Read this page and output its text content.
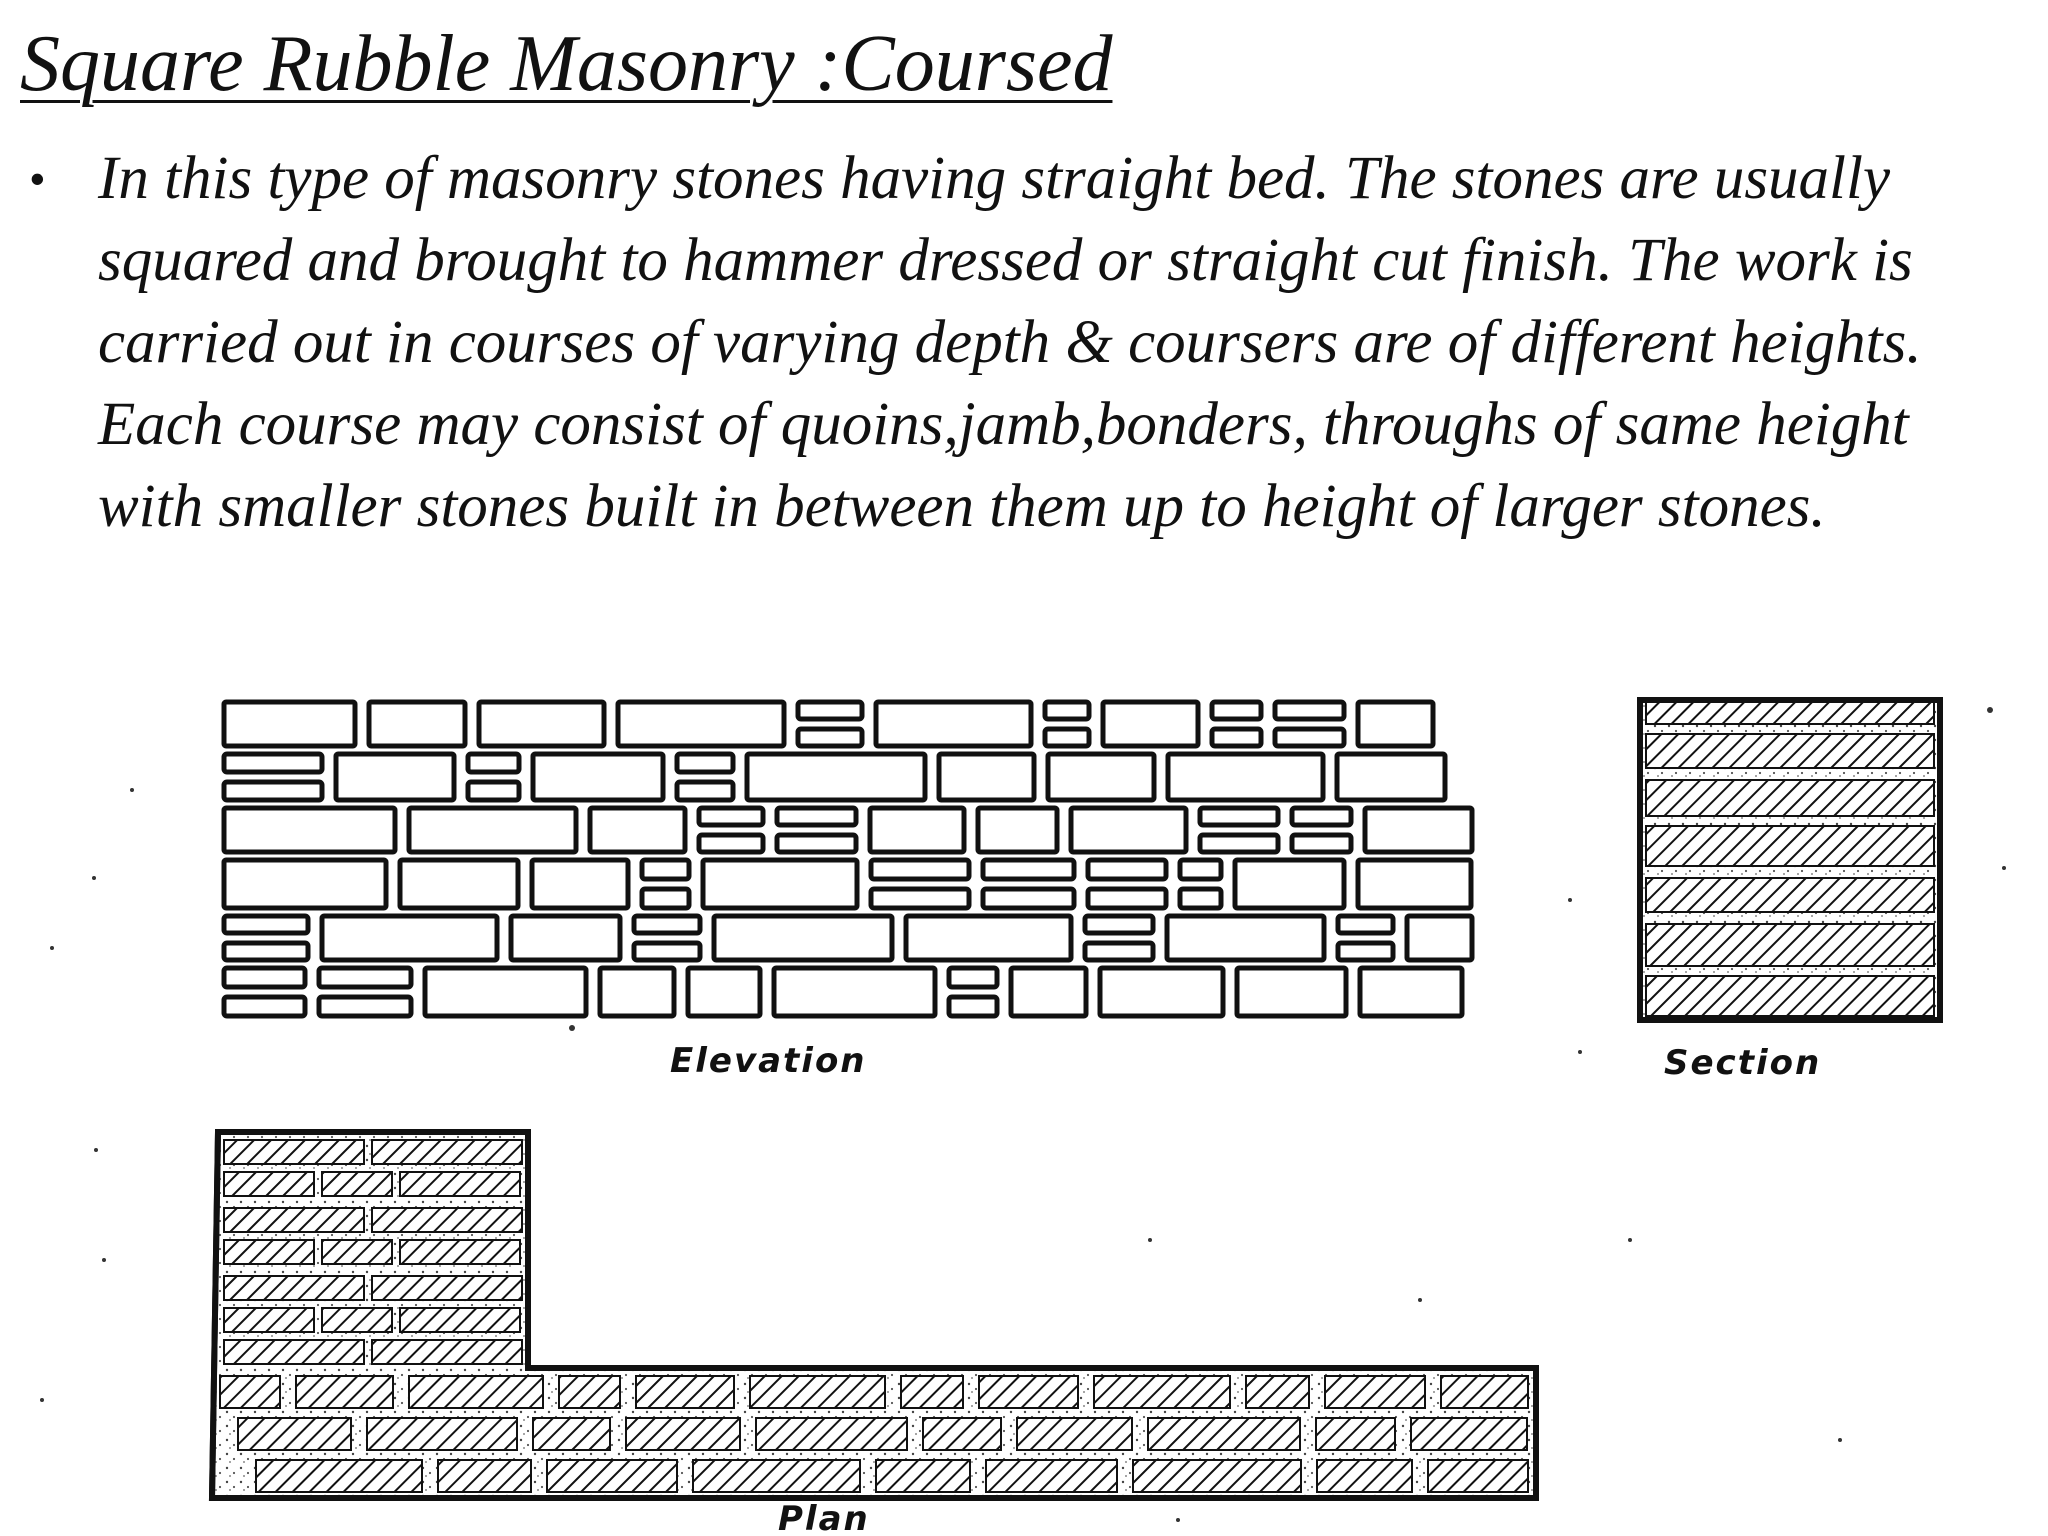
Square Rubble Masonry :Coursed
• In this type of masonry stones having straight bed. The stones are usually squared and brought to hammer dressed or straight cut finish. The work is carried out in courses of varying depth & coursers are of different heights. Each course may consist of quoins,jamb,bonders, throughs of same height with smaller stones built in between them up to height of larger stones.

Elevation	Section
Plan
